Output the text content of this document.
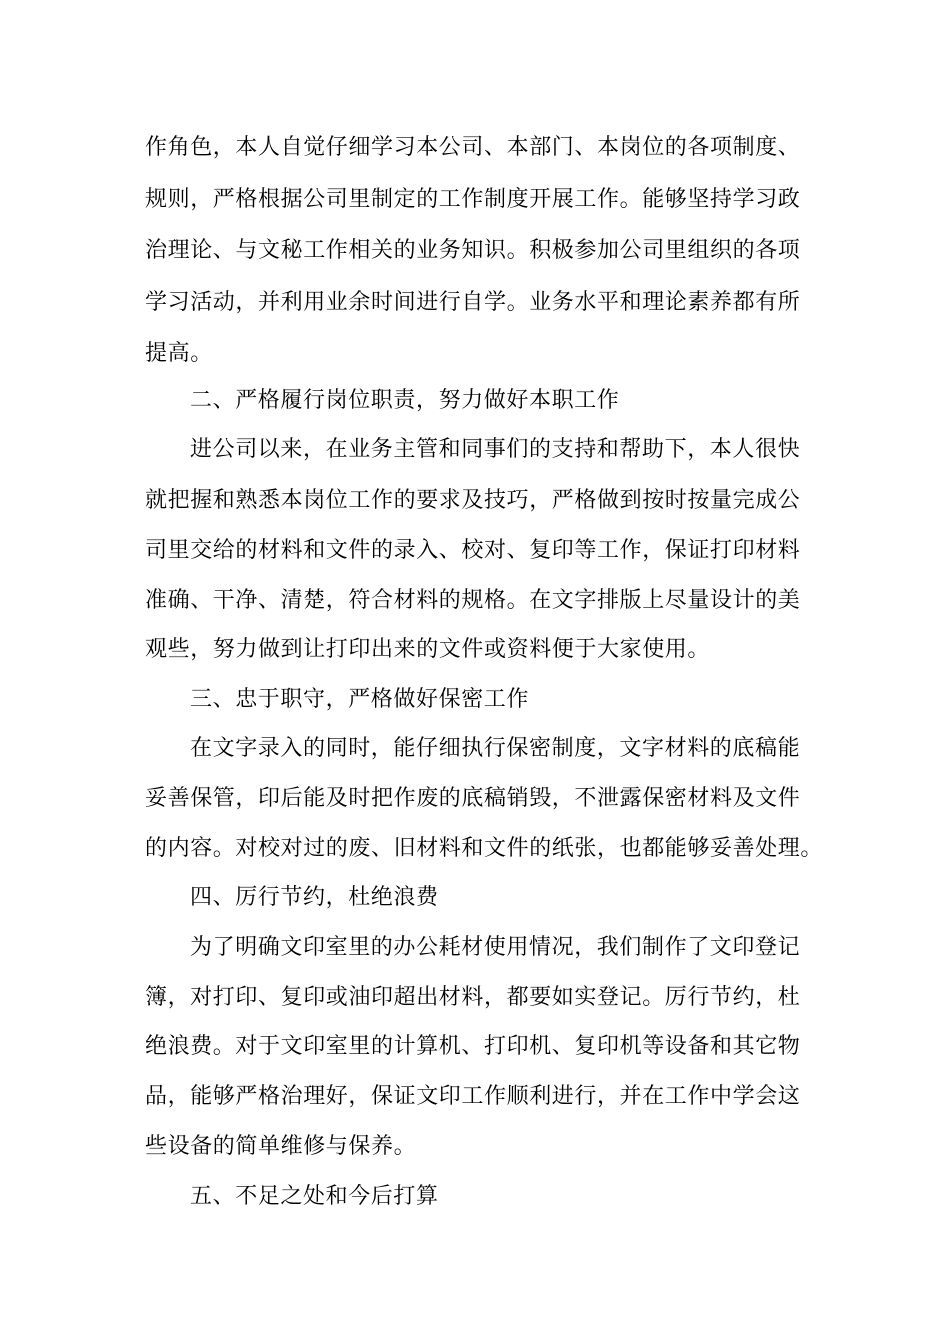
作角色，本人自觉仔细学习本公司、本部门、本岗位的各项制度、

规则，严格根据公司里制定的工作制度开展工作。能够坚持学习政

治理论、与文秘工作相关的业务知识。积极参加公司里组织的各项

学习活动，并利用业余时间进行自学。业务水平和理论素养都有所

提高。

二、严格履行岗位职责，努力做好本职工作

进公司以来，在业务主管和同事们的支持和帮助下，本人很快

就把握和熟悉本岗位工作的要求及技巧，严格做到按时按量完成公

司里交给的材料和文件的录入、校对、复印等工作，保证打印材料

准确、干净、清楚，符合材料的规格。在文字排版上尽量设计的美

观些，努力做到让打印出来的文件或资料便于大家使用。

三、忠于职守，严格做好保密工作

在文字录入的同时，能仔细执行保密制度，文字材料的底稿能

妥善保管，印后能及时把作废的底稿销毁，不泄露保密材料及文件

的内容。对校对过的废、旧材料和文件的纸张，也都能够妥善处理。

四、厉行节约，杜绝浪费

为了明确文印室里的办公耗材使用情况，我们制作了文印登记

簿，对打印、复印或油印超出材料，都要如实登记。厉行节约，杜

绝浪费。对于文印室里的计算机、打印机、复印机等设备和其它物

品，能够严格治理好，保证文印工作顺利进行，并在工作中学会这

些设备的简单维修与保养。

五、不足之处和今后打算
